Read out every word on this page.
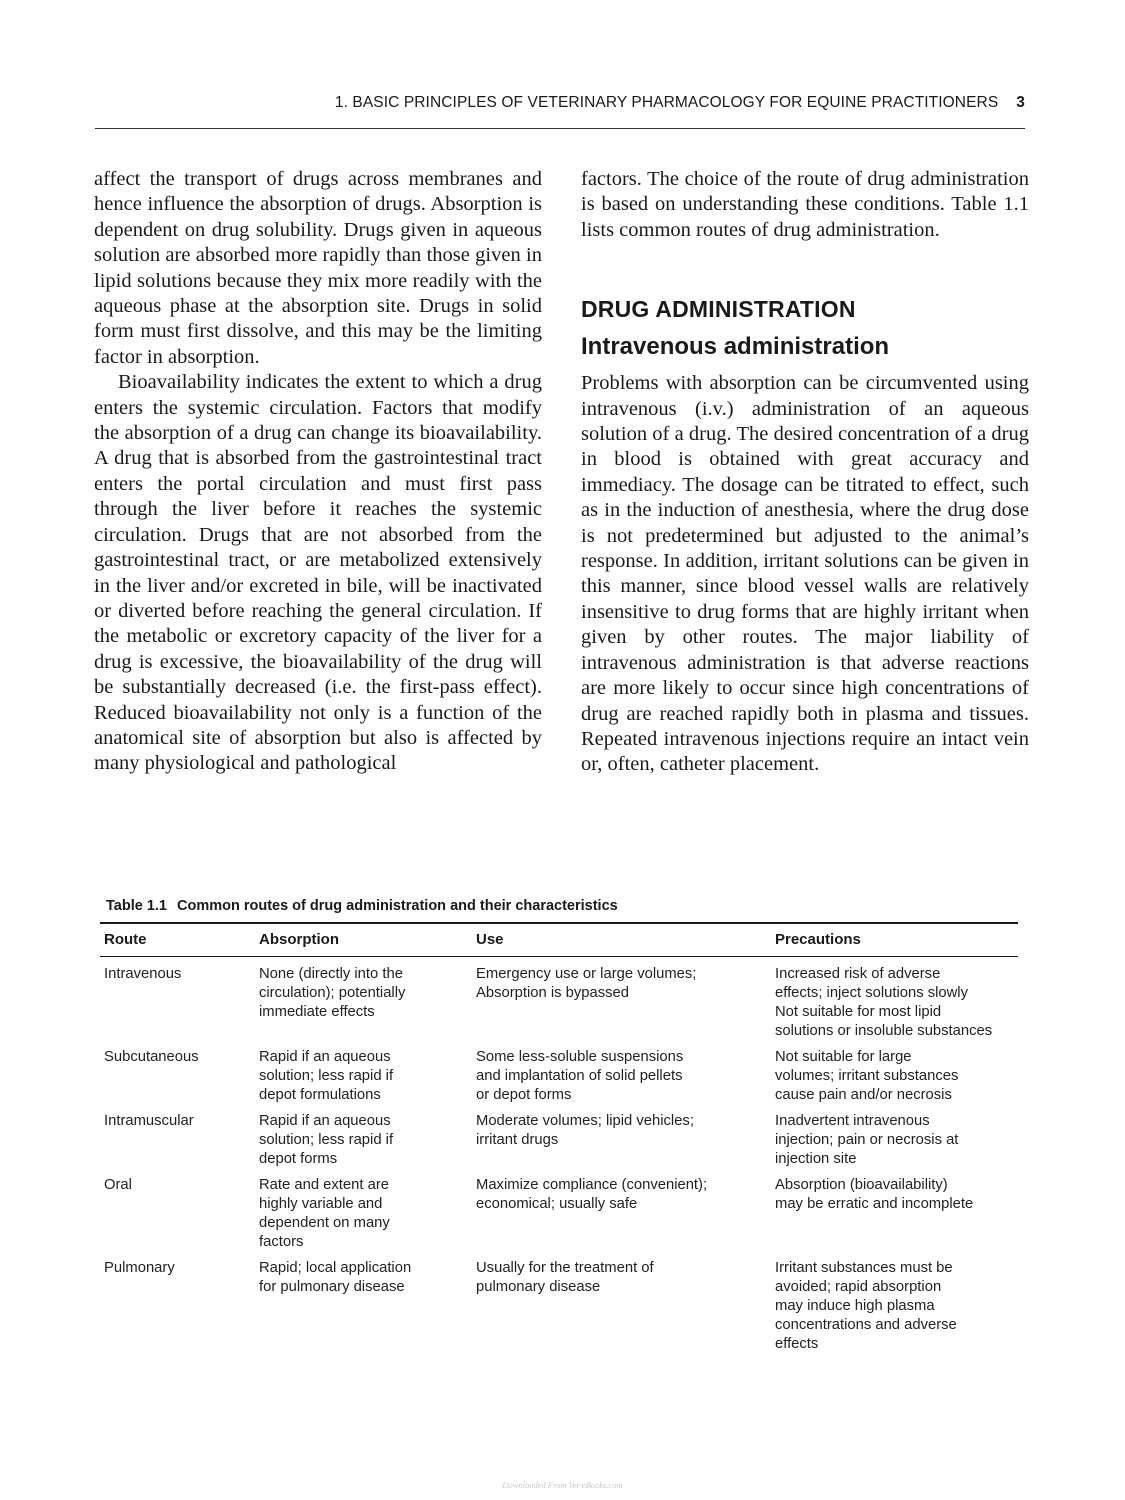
1. BASIC PRINCIPLES OF VETERINARY PHARMACOLOGY FOR EQUINE PRACTITIONERS 3

affect the transport of drugs across membranes and hence influence the absorption of drugs. Absorption is dependent on drug solubility. Drugs given in aqueous solution are absorbed more rapidly than those given in lipid solutions because they mix more readily with the aqueous phase at the absorption site. Drugs in solid form must first dissolve, and this may be the limiting factor in absorption.

Bioavailability indicates the extent to which a drug enters the systemic circulation. Factors that modify the absorption of a drug can change its bioavailability. A drug that is absorbed from the gastrointestinal tract enters the portal circulation and must first pass through the liver before it reaches the systemic circulation. Drugs that are not absorbed from the gastrointestinal tract, or are metabolized extensively in the liver and/or excreted in bile, will be inactivated or diverted before reaching the general circulation. If the metabolic or excretory capacity of the liver for a drug is excessive, the bioavailability of the drug will be substantially decreased (i.e. the first-pass effect). Reduced bioavailability not only is a function of the anatomical site of absorption but also is affected by many physiological and pathological

factors. The choice of the route of drug administration is based on understanding these conditions. Table 1.1 lists common routes of drug administration.

DRUG ADMINISTRATION
Intravenous administration

Problems with absorption can be circumvented using intravenous (i.v.) administration of an aqueous solution of a drug. The desired concentration of a drug in blood is obtained with great accuracy and immediacy. The dosage can be titrated to effect, such as in the induction of anesthesia, where the drug dose is not predetermined but adjusted to the animal’s response. In addition, irritant solutions can be given in this manner, since blood vessel walls are relatively insensitive to drug forms that are highly irritant when given by other routes. The major liability of intravenous administration is that adverse reactions are more likely to occur since high concentrations of drug are reached rapidly both in plasma and tissues. Repeated intravenous injections require an intact vein or, often, catheter placement.

Table 1.1 Common routes of drug administration and their characteristics
Route	Absorption	Use	Precautions
Intravenous	None (directly into the
circulation); potentially
immediate effects	Emergency use or large volumes;
Absorption is bypassed	Increased risk of adverse
effects; inject solutions slowly
Not suitable for most lipid
solutions or insoluble substances

Subcutaneous	Rapid if an aqueous
solution; less rapid if
depot formulations	Some less-soluble suspensions
and implantation of solid pellets
or depot forms	Not suitable for large
volumes; irritant substances
cause pain and/or necrosis

Intramuscular	Rapid if an aqueous
solution; less rapid if
depot forms	Moderate volumes; lipid vehicles;
irritant drugs	Inadvertent intravenous
injection; pain or necrosis at
injection site

Oral	Rate and extent are
highly variable and
dependent on many
factors	Maximize compliance (convenient);
economical; usually safe	Absorption (bioavailability)
may be erratic and incomplete

Pulmonary	Rapid; local application
for pulmonary disease	Usually for the treatment of
pulmonary disease	Irritant substances must be
avoided; rapid absorption
may induce high plasma
concentrations and adverse
effects
Downloaded From Vet-eBooks.com
